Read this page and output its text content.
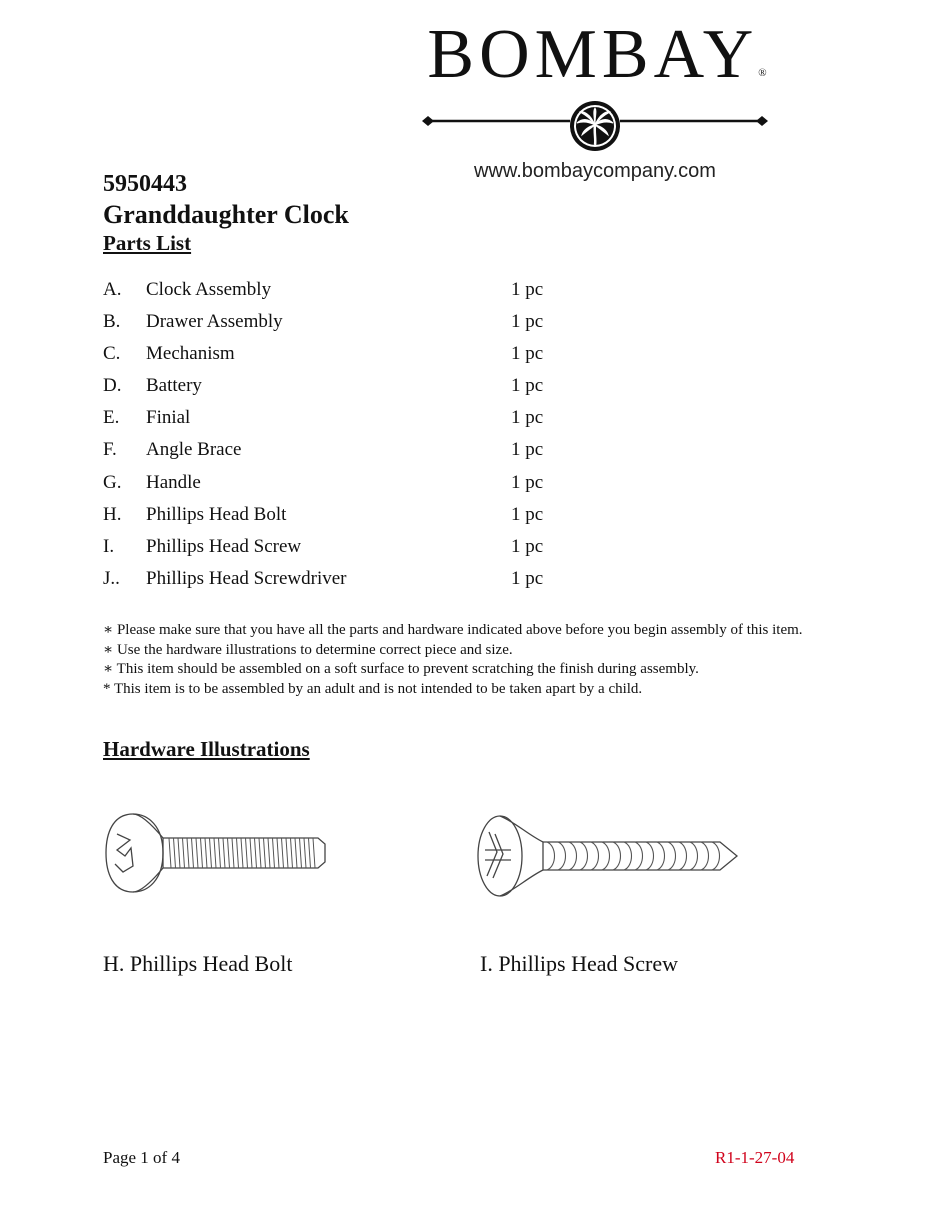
BOMBAY®
www.bombaycompany.com
5950443
Granddaughter Clock
Parts List
A. Clock Assembly	1 pc
B. Drawer Assembly	1 pc
C. Mechanism	1 pc
D. Battery	1 pc
E. Finial	1 pc
F. Angle Brace	1 pc
G. Handle	1 pc
H. Phillips Head Bolt	1 pc
I. Phillips Head Screw	1 pc
J.. Phillips Head Screwdriver	1 pc
∗ Please make sure that you have all the parts and hardware indicated above before you begin assembly of this item.
∗ Use the hardware illustrations to determine correct piece and size.
∗ This item should be assembled on a soft surface to prevent scratching the finish during assembly.
* This item is to be assembled by an adult and is not intended to be taken apart by a child.
Hardware Illustrations
H. Phillips Head Bolt	I. Phillips Head Screw
Page 1 of 4	R1-1-27-04
